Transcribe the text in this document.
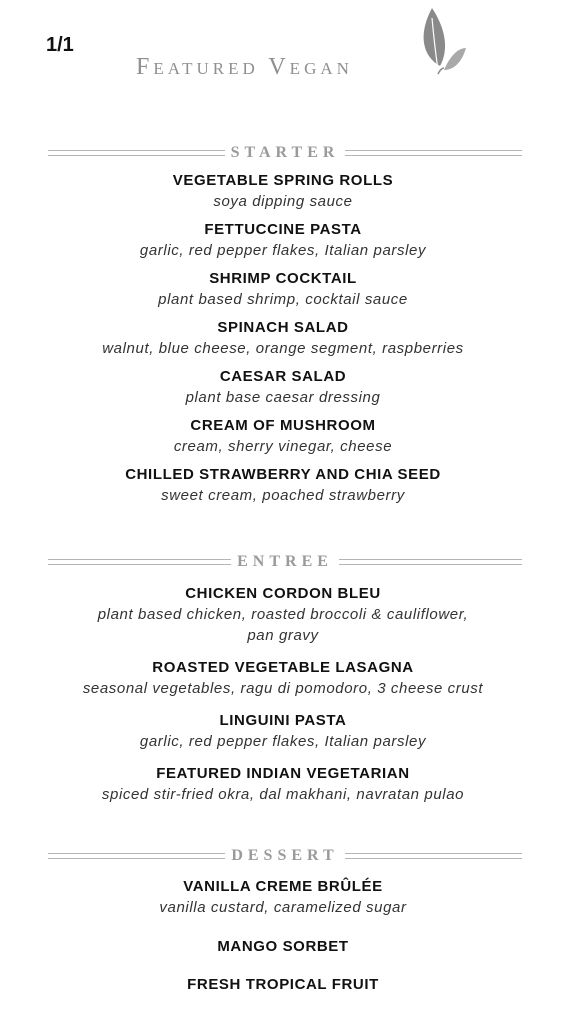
1/1
Featured Vegan
STARTER
VEGETABLE SPRING ROLLS
soya dipping sauce
FETTUCCINE PASTA
garlic, red pepper flakes, Italian parsley
SHRIMP COCKTAIL
plant based shrimp, cocktail sauce
SPINACH SALAD
walnut, blue cheese, orange segment, raspberries
CAESAR SALAD
plant base caesar dressing
CREAM OF MUSHROOM
cream, sherry vinegar, cheese
CHILLED STRAWBERRY AND CHIA SEED
sweet cream, poached strawberry
ENTREE
CHICKEN CORDON BLEU
plant based chicken, roasted broccoli & cauliflower,
pan gravy
ROASTED VEGETABLE LASAGNA
seasonal vegetables, ragu di pomodoro, 3 cheese crust
LINGUINI PASTA
garlic, red pepper flakes, Italian parsley
FEATURED INDIAN VEGETARIAN
spiced stir-fried okra, dal makhani, navratan pulao
DESSERT
VANILLA CREME BRÛLÉE
vanilla custard, caramelized sugar
MANGO SORBET
FRESH TROPICAL FRUIT
